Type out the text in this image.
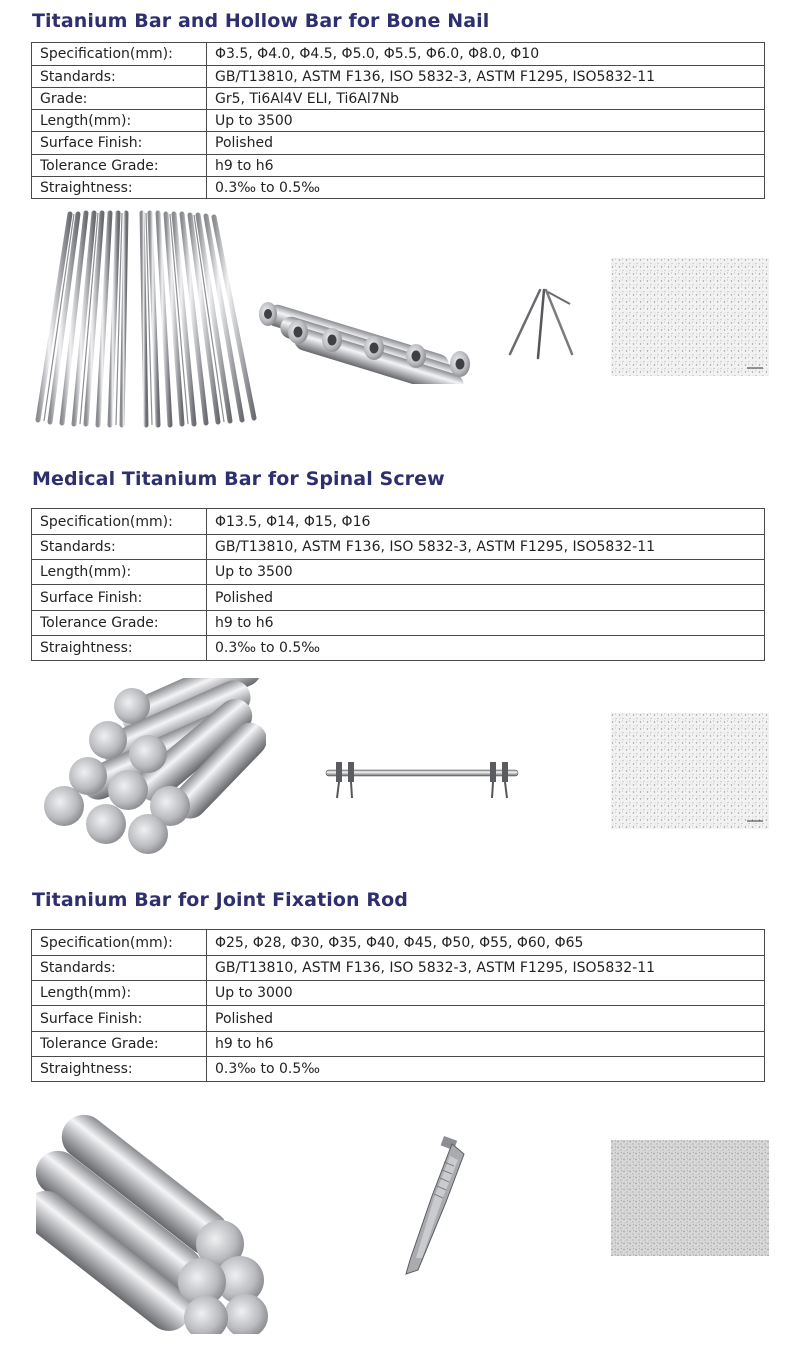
Titanium Bar and Hollow Bar for Bone Nail
Specification(mm):	Φ3.5, Φ4.0, Φ4.5, Φ5.0, Φ5.5, Φ6.0, Φ8.0, Φ10
Standards:	GB/T13810, ASTM F136, ISO 5832-3, ASTM F1295, ISO5832-11
Grade:	Gr5, Ti6Al4V ELI, Ti6Al7Nb
Length(mm):	Up to 3500
Surface Finish:	Polished
Tolerance Grade:	h9 to h6
Straightness:	0.3‰ to 0.5‰
Medical Titanium Bar for Spinal Screw
Specification(mm):	Φ13.5, Φ14, Φ15, Φ16
Standards:	GB/T13810, ASTM F136, ISO 5832-3, ASTM F1295, ISO5832-11
Length(mm):	Up to 3500
Surface Finish:	Polished
Tolerance Grade:	h9 to h6
Straightness:	0.3‰ to 0.5‰
Titanium Bar for Joint Fixation Rod
Specification(mm):	Φ25, Φ28, Φ30, Φ35, Φ40, Φ45, Φ50, Φ55, Φ60, Φ65
Standards:	GB/T13810, ASTM F136, ISO 5832-3, ASTM F1295, ISO5832-11
Length(mm):	Up to 3000
Surface Finish:	Polished
Tolerance Grade:	h9 to h6
Straightness:	0.3‰ to 0.5‰
